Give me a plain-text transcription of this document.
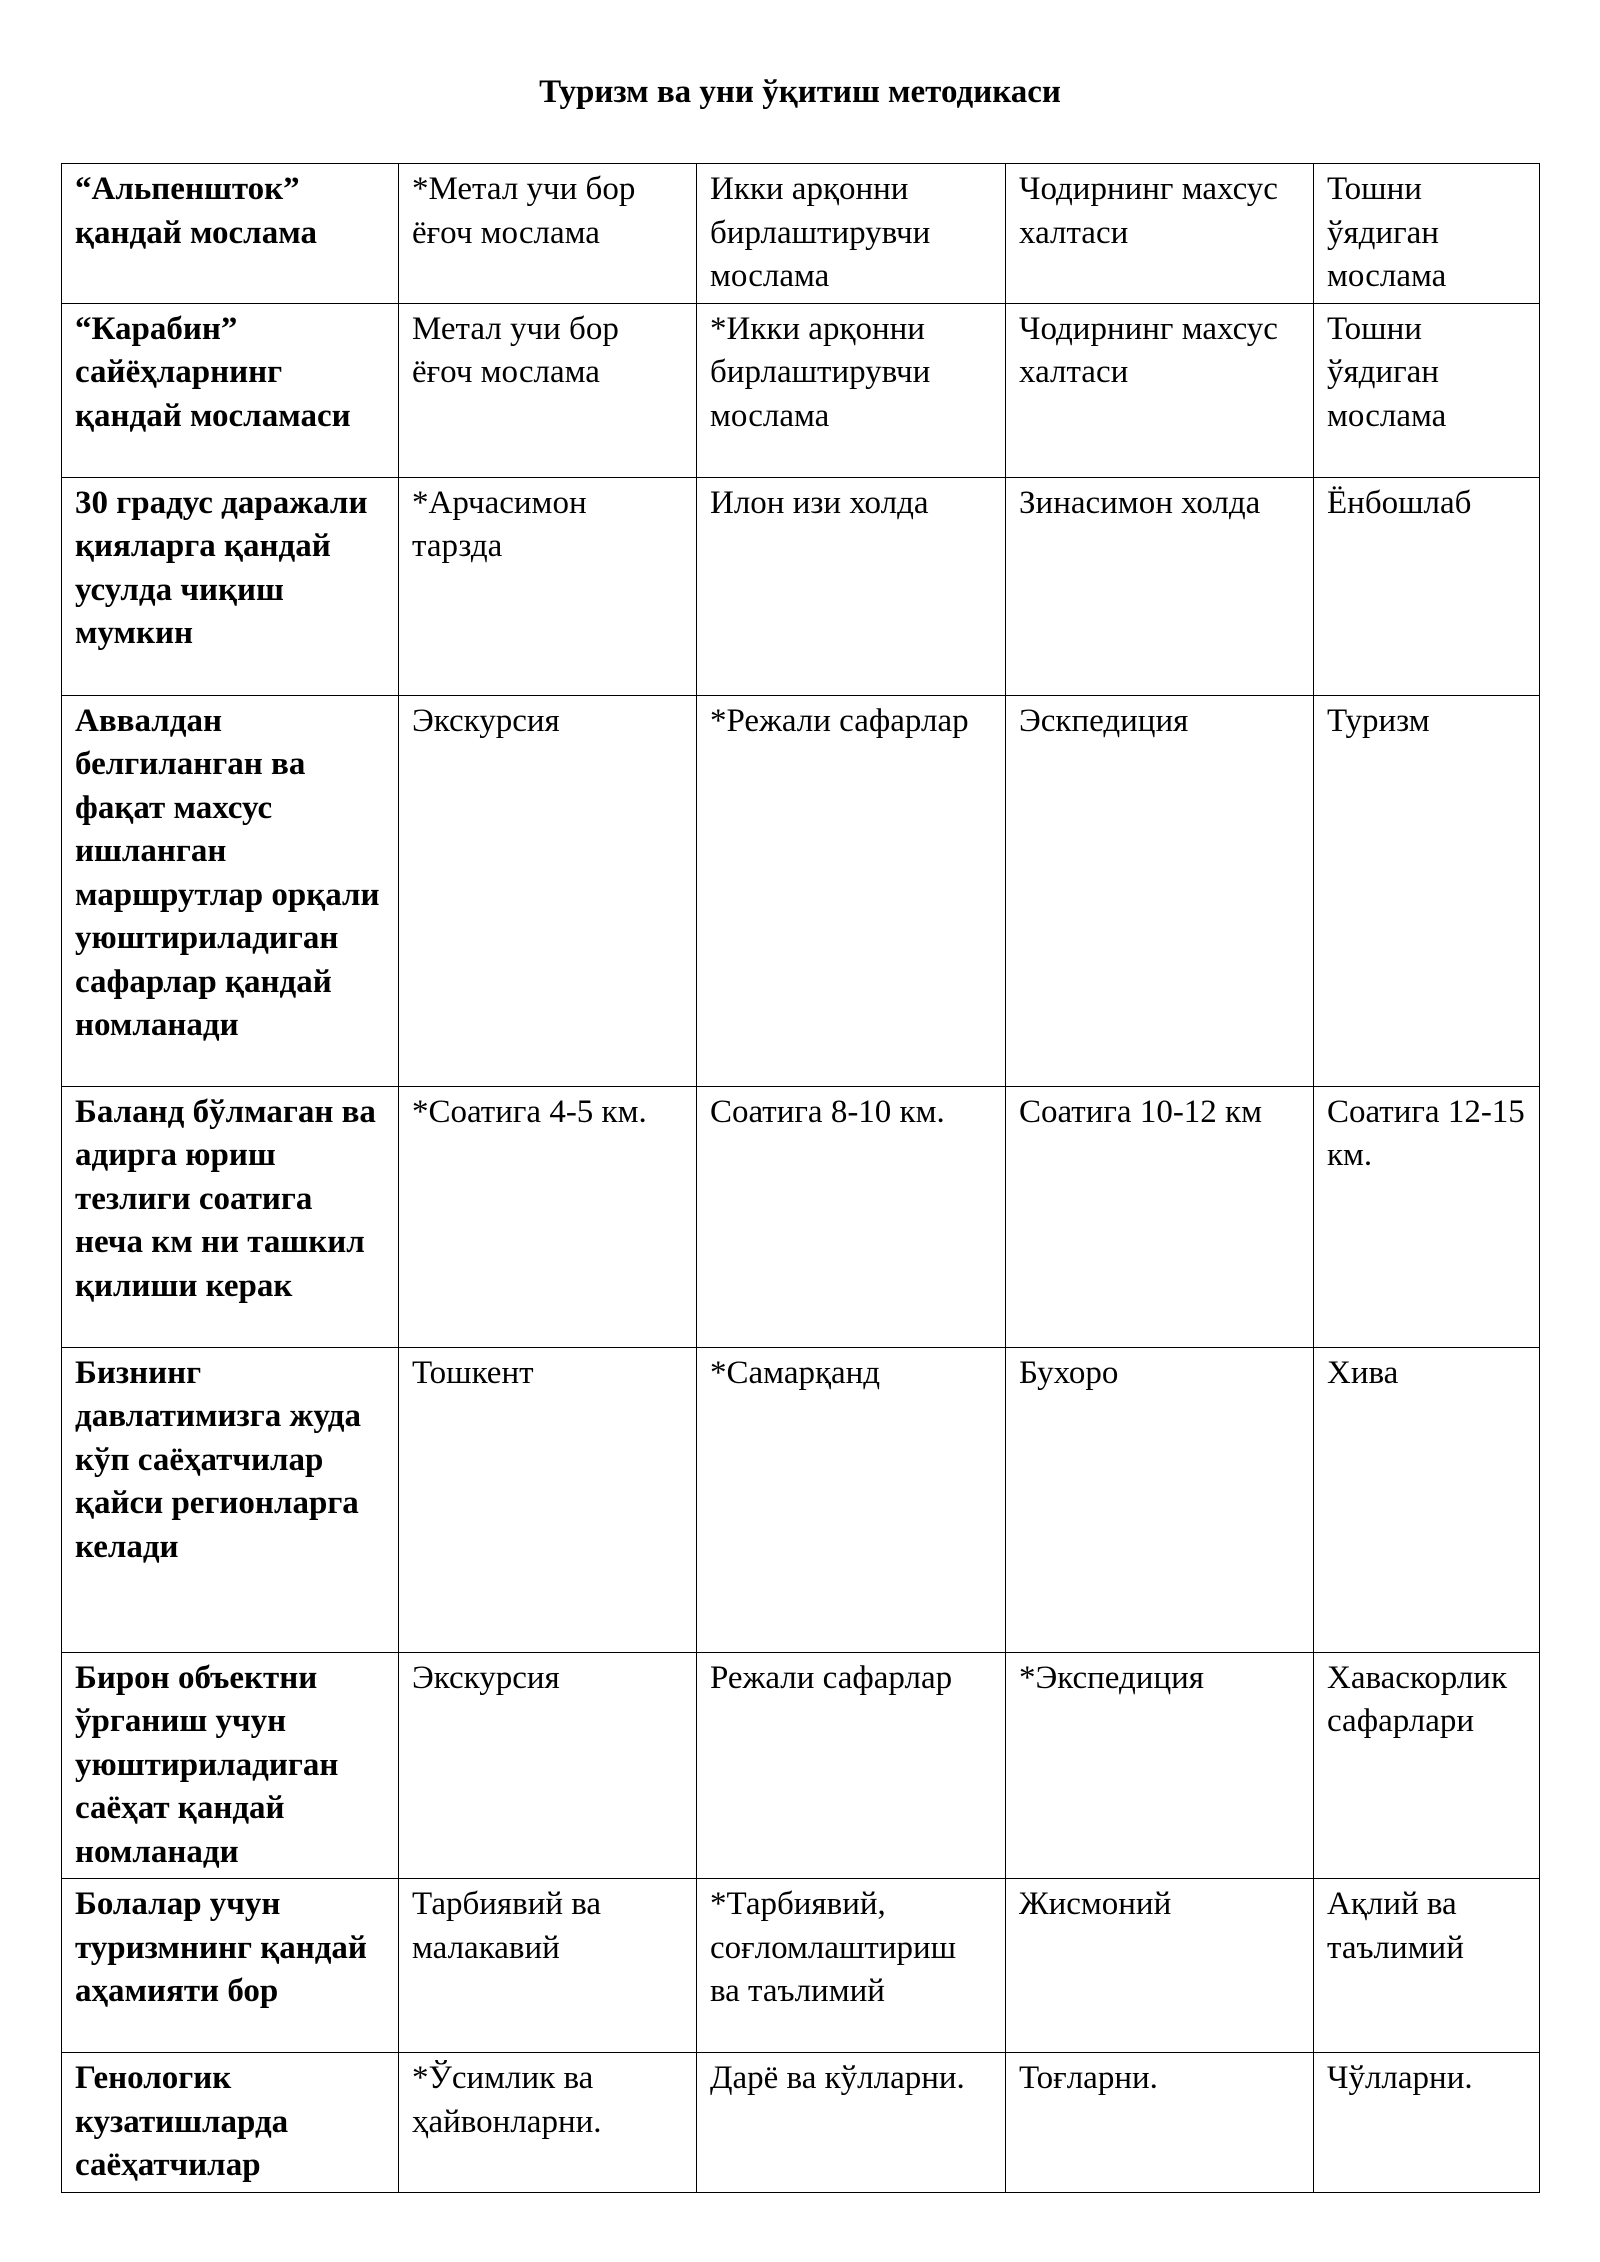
Туризм ва уни ўқитиш методикаси
“Альпеншток” қандай мослама	*Метал учи бор ёғоч мослама	Икки арқонни бирлаштирувчи мослама	Чодирнинг махсус халтаси	Тошни ўядиган мослама
“Карабин” сайёҳларнинг қандай мосламаси	Метал учи бор ёғоч мослама	*Икки арқонни бирлаштирувчи мослама	Чодирнинг махсус халтаси	Тошни ўядиган мослама
30 градус даражали қияларга қандай усулда чиқиш мумкин	*Арчасимон тарзда	Илон изи холда	Зинасимон холда	Ёнбошлаб
Аввалдан белгиланган ва фақат махсус ишланган маршрутлар орқали уюштириладиган сафарлар қандай номланади	Экскурсия	*Режали сафарлар	Эскпедиция	Туризм
Баланд бўлмаган ва адирга юриш тезлиги соатига неча км ни ташкил қилиши керак	*Соатига 4-5 км.	Соатига 8-10 км.	Соатига 10-12 км	Соатига 12-15 км.
Бизнинг давлатимизга жуда кўп саёҳатчилар қайси регионларга келади	Тошкент	*Самарқанд	Бухоро	Хива
Бирон объектни ўрганиш учун уюштириладиган саёҳат қандай номланади	Экскурсия	Режали сафарлар	*Экспедиция	Хаваскорлик сафарлари
Болалар учун туризмнинг қандай аҳамияти бор	Тарбиявий ва малакавий	*Тарбиявий, соғломлаштириш ва таълимий	Жисмоний	Ақлий ва таълимий
Генологик кузатишларда саёҳатчилар	*Ўсимлик ва ҳайвонларни.	Дарё ва кўлларни.	Тоғларни.	Чўлларни.
